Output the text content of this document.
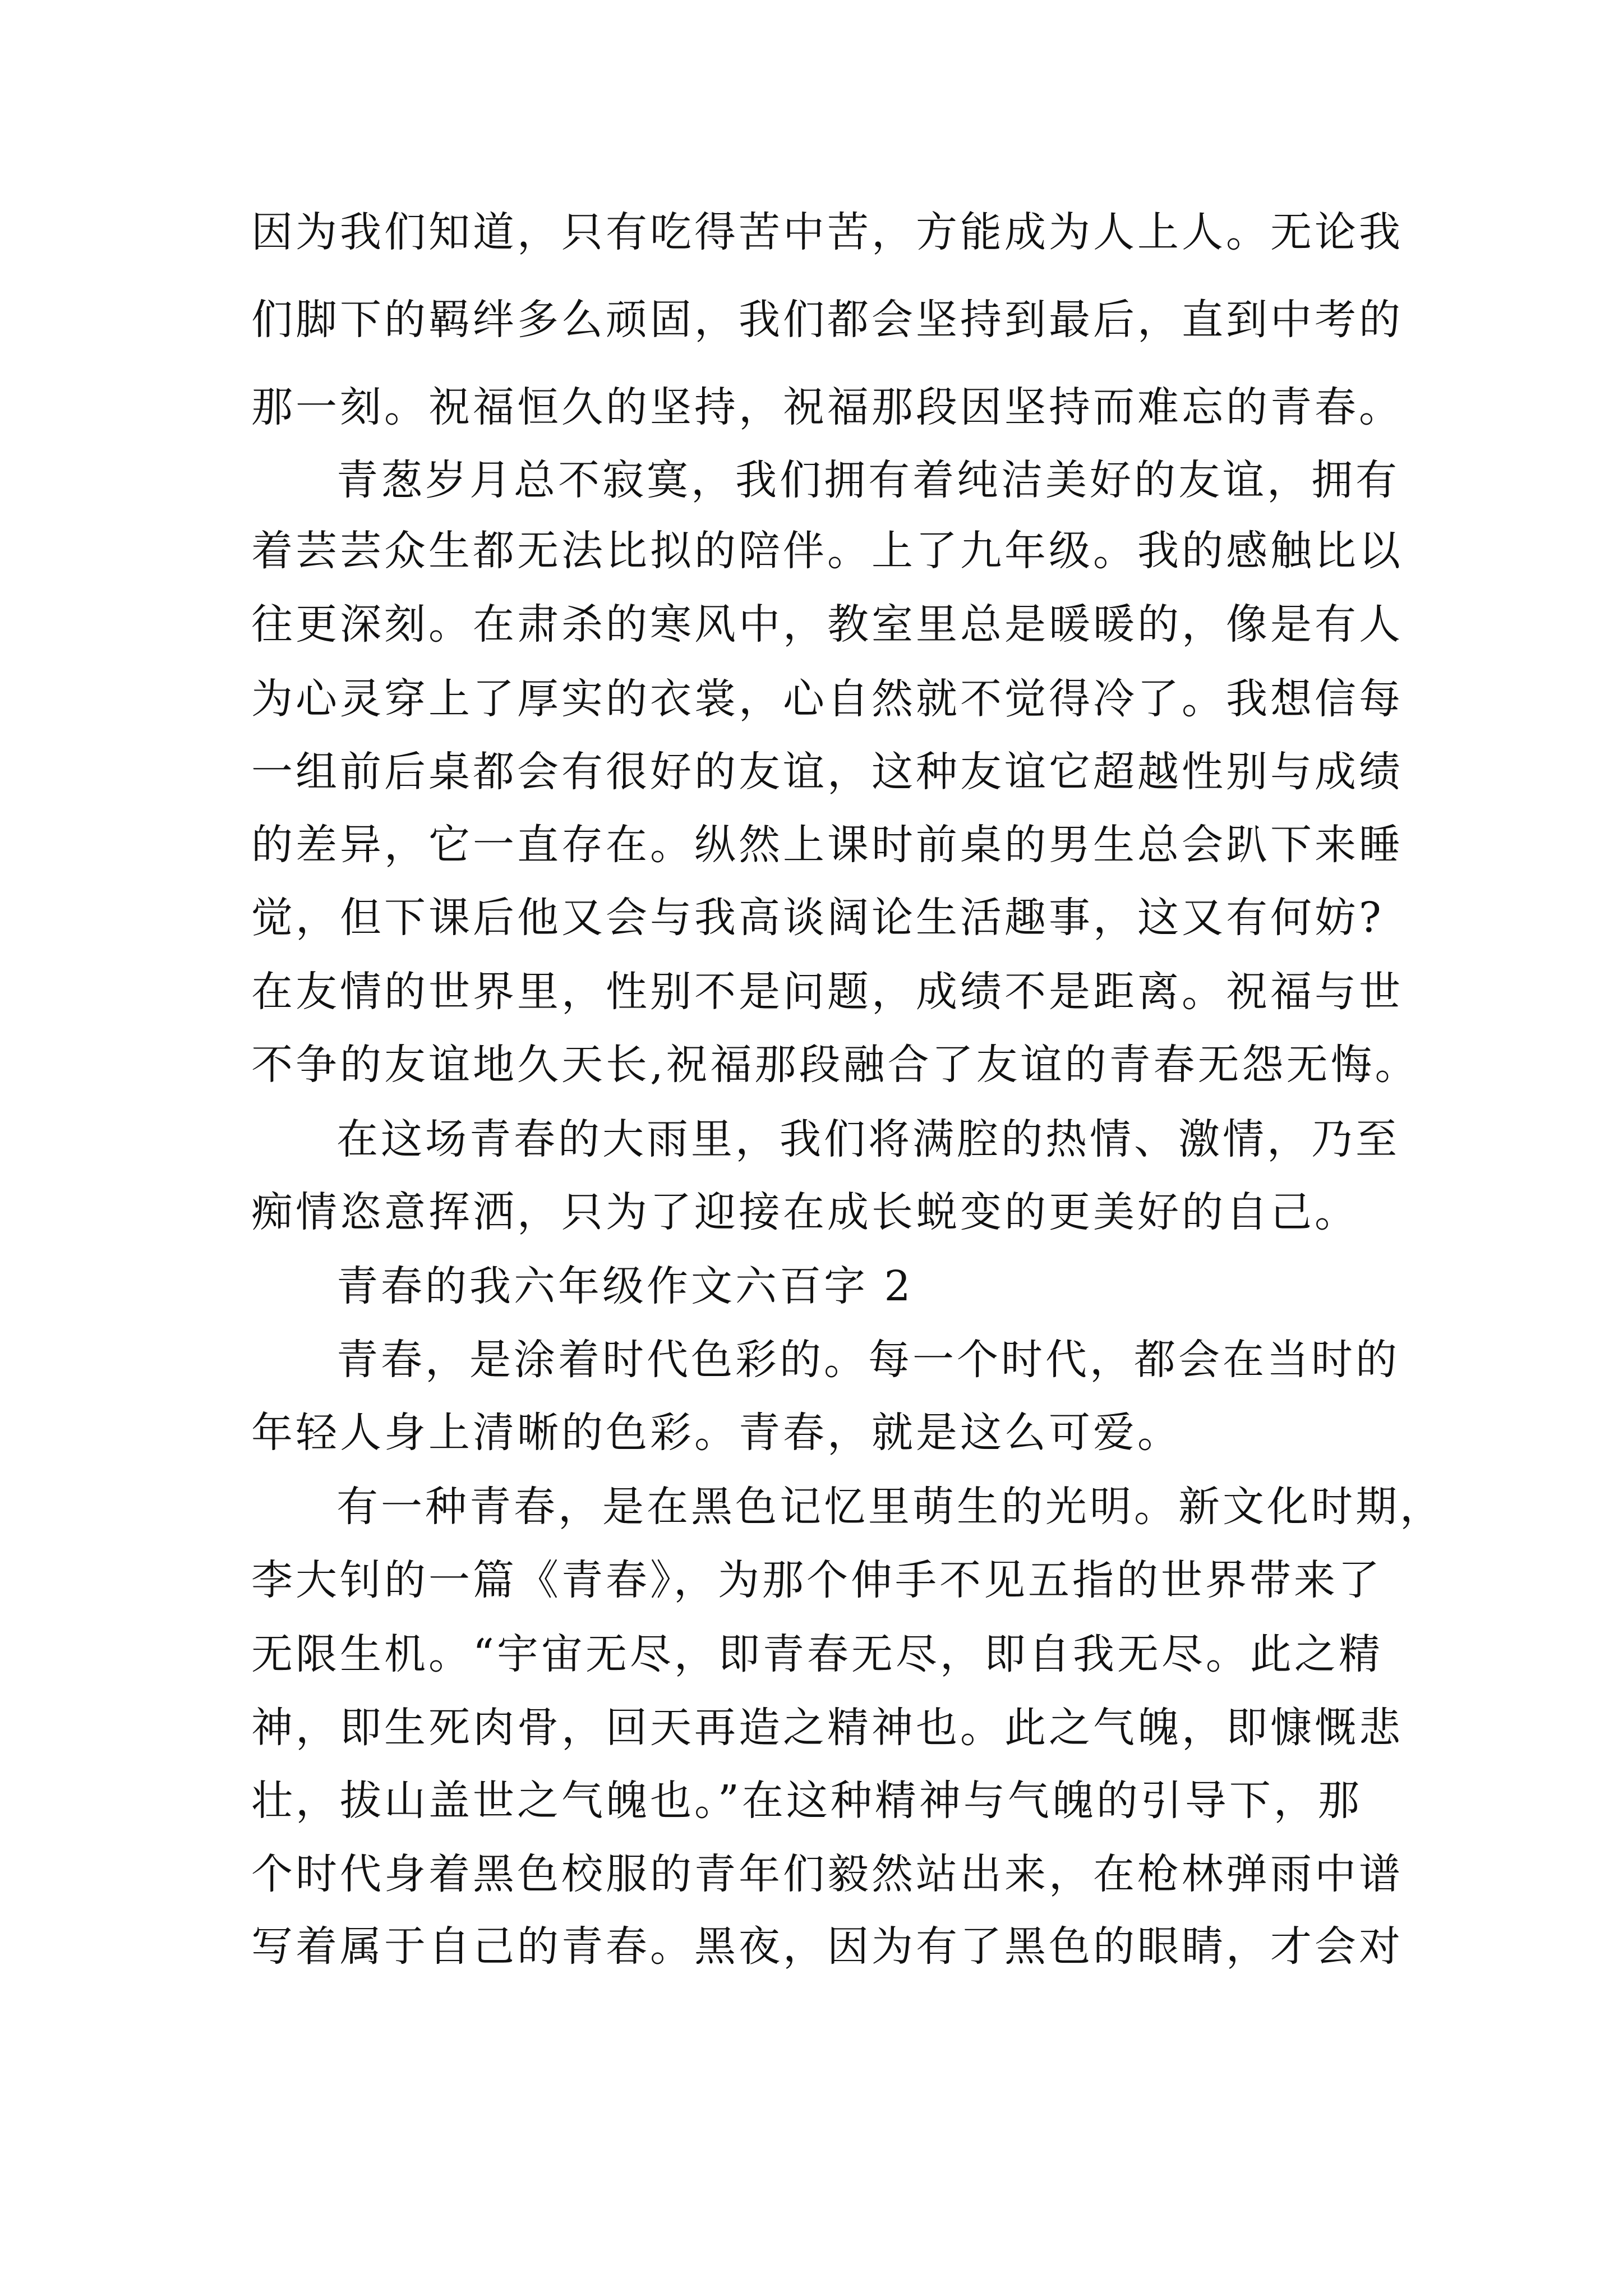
因为我们知道，只有吃得苦中苦，方能成为人上人。无论我
们脚下的羁绊多么顽固，我们都会坚持到最后，直到中考的
那一刻。祝福恒久的坚持，祝福那段因坚持而难忘的青春。
青葱岁月总不寂寞，我们拥有着纯洁美好的友谊，拥有
着芸芸众生都无法比拟的陪伴。上了九年级。我的感触比以
往更深刻。在肃杀的寒风中，教室里总是暖暖的，像是有人
为心灵穿上了厚实的衣裳，心自然就不觉得冷了。我想信每
一组前后桌都会有很好的友谊，这种友谊它超越性别与成绩
的差异，它一直存在。纵然上课时前桌的男生总会趴下来睡
觉，但下课后他又会与我高谈阔论生活趣事，这又有何妨?
在友情的世界里，性别不是问题，成绩不是距离。祝福与世
不争的友谊地久天长,祝福那段融合了友谊的青春无怨无悔。
在这场青春的大雨里，我们将满腔的热情、激情，乃至
痴情恣意挥洒，只为了迎接在成长蜕变的更美好的自己。
青春的我六年级作文六百字 2
青春，是涂着时代色彩的。每一个时代，都会在当时的
年轻人身上清晰的色彩。青春，就是这么可爱。
有一种青春，是在黑色记忆里萌生的光明。新文化时期，
李大钊的一篇《青春》，为那个伸手不见五指的世界带来了
无限生机。“宇宙无尽，即青春无尽，即自我无尽。此之精
神，即生死肉骨，回天再造之精神也。此之气魄，即慷慨悲
壮，拔山盖世之气魄也。”在这种精神与气魄的引导下，那
个时代身着黑色校服的青年们毅然站出来，在枪林弹雨中谱
写着属于自己的青春。黑夜，因为有了黑色的眼睛，才会对
